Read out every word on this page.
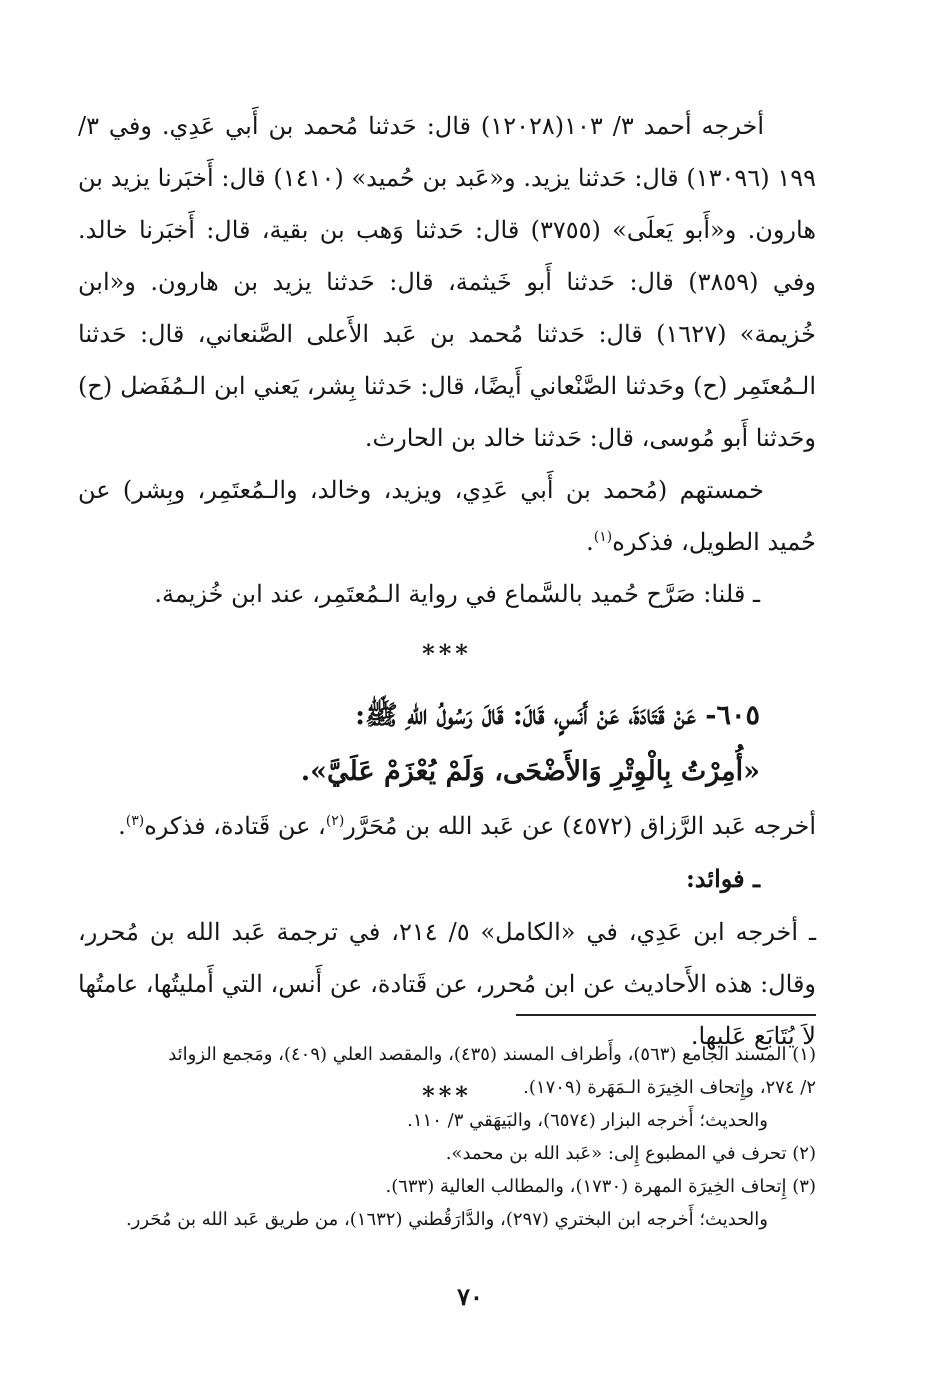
أخرجه أحمد ٣/ ١٠٣(١٢٠٢٨) قال: حَدثنا مُحمد بن أَبي عَدِي. وفي ٣/ ١٩٩ (١٣٠٩٦) قال: حَدثنا يزيد. و«عَبد بن حُميد» (١٤١٠) قال: أَخبَرنا يزيد بن هارون. و«أَبو يَعلَى» (٣٧٥٥) قال: حَدثنا وَهب بن بقية، قال: أَخبَرنا خالد. وفي (٣٨٥٩) قال: حَدثنا أَبو خَيثمة، قال: حَدثنا يزيد بن هارون. و«ابن خُزيمة» (١٦٢٧) قال: حَدثنا مُحمد بن عَبد الأَعلى الصَّنعاني، قال: حَدثنا الـمُعتَمِر (ح) وحَدثنا الصَّنْعاني أَيضًا، قال: حَدثنا بِشر، يَعني ابن الـمُفَضل (ح) وحَدثنا أَبو مُوسى، قال: حَدثنا خالد بن الحارث.

خمستهم (مُحمد بن أَبي عَدِي، ويزيد، وخالد، والـمُعتَمِر، وبِشر) عن حُميد الطويل، فذكره$^{(١)}$.

ـ قلنا: صَرَّح حُميد بالسَّماع في رواية الـمُعتَمِر، عند ابن خُزيمة.

***

٦٠٥- عَنْ قَتَادَةَ، عَنْ أَنَسٍ، قَالَ: قَالَ رَسُولُ اللهِ ﷺ:

«أُمِرْتُ بِالْوِتْرِ وَالأَضْحَى، وَلَمْ يُعْزَمْ عَلَيَّ».

أخرجه عَبد الرَّزاق (٤٥٧٢) عن عَبد الله بن مُحَرَّر$^{(٢)}$، عن قَتادة، فذكره$^{(٣)}$.

ـ فوائد:

ـ أخرجه ابن عَدِي، في «الكامل» ٥/ ٢١٤، في ترجمة عَبد الله بن مُحرر، وقال: هذه الأَحاديث عن ابن مُحرر، عن قَتادة، عن أَنس، التي أَمليتُها، عامتُها لاَ يُتَابَع عَليها.

***

(١) المسند الجامع (٥٦٣)، وأَطراف المسند (٤٣٥)، والمقصد العلي (٤٠٩)، ومَجمع الزوائد

٢/ ٢٧٤، وإِتحاف الخِيرَة الـمَهَرة (١٧٠٩).

والحديث؛ أَخرجه البزار (٦٥٧٤)، والبَيهَقي ٣/ ١١٠.

(٢) تحرف في المطبوع إِلى: «عَبد الله بن محمد».

(٣) إِتحاف الخِيرَة المهرة (١٧٣٠)، والمطالب العالية (٦٣٣).

والحديث؛ أَخرجه ابن البختري (٢٩٧)، والدَّارَقُطني (١٦٣٢)، من طريق عَبد الله بن مُحَرر.

٧٠
